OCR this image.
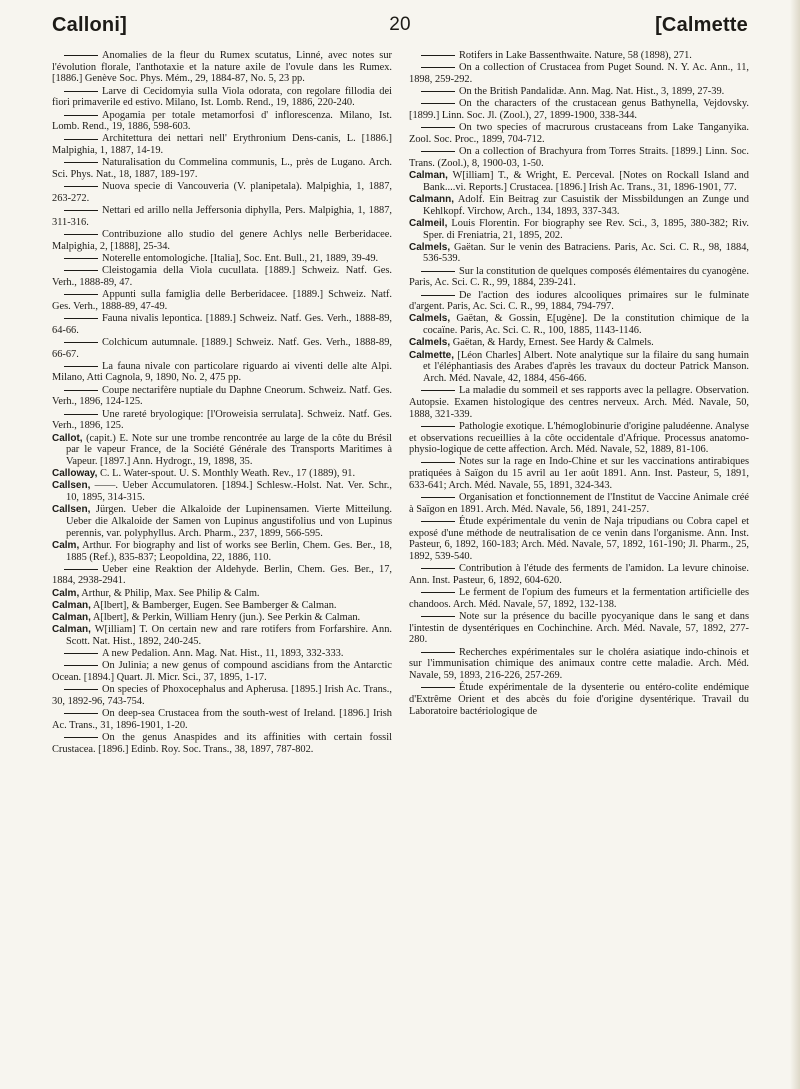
Calloni]	20	[Calmette

Anomalies de la fleur du Rumex scutatus, Linné, avec notes sur l'évolution florale, l'anthotaxie et la nature axile de l'ovule dans les Rumex. [1886.] Genève Soc. Phys. Mém., 29, 1884-87, No. 5, 23 pp.

Larve di Cecidomyia sulla Viola odorata, con regolare fillodia dei fiori primaverile ed estivo. Milano, Ist. Lomb. Rend., 19, 1886, 220-240.

Apogamia per totale metamorfosi d' inflorescenza. Milano, Ist. Lomb. Rend., 19, 1886, 598-603.

Architettura dei nettari nell' Erythronium Dens-canis, L. [1886.] Malpighia, 1, 1887, 14-19.

Naturalisation du Commelina communis, L., près de Lugano. Arch. Sci. Phys. Nat., 18, 1887, 189-197.

Nuova specie di Vancouveria (V. planipetala). Malpighia, 1, 1887, 263-272.

Nettari ed arillo nella Jeffersonia diphylla, Pers. Malpighia, 1, 1887, 311-316.

Contribuzione allo studio del genere Achlys nelle Berberidaceе. Malpighia, 2, [1888], 25-34.

Noterelle entomologiche. [Italia], Soc. Ent. Bull., 21, 1889, 39-49.

Cleistogamia della Viola cucullata. [1889.] Schweiz. Natf. Ges. Verh., 1888-89, 47.

Appunti sulla famiglia delle Berberidacee. [1889.] Schweiz. Natf. Ges. Verh., 1888-89, 47-49.

Fauna nivalis lepontica. [1889.] Schweiz. Natf. Ges. Verh., 1888-89, 64-66.

Colchicum autumnale. [1889.] Schweiz. Natf. Ges. Verh., 1888-89, 66-67.

La fauna nivale con particolare riguardo ai viventi delle alte Alpi. Milano, Atti Cagnola, 9, 1890, No. 2, 475 pp.

Coupe nectarifère nuptiale du Daphne Cneorum. Schweiz. Natf. Ges. Verh., 1896, 124-125.

Une rareté bryologique: [l'Oroweisia serrulata]. Schweiz. Natf. Ges. Verh., 1896, 125.

Callot, (capit.) E. Note sur une trombe rencontrée au large de la côte du Brésil par le vapeur France, de la Société Générale des Transports Maritimes à Vapeur. [1897.] Ann. Hydrogr., 19, 1898, 35.

Calloway, C. L. Water-spout. U. S. Monthly Weath. Rev., 17 (1889), 91.

Callsen, ——. Ueber Accumulatoren. [1894.] Schlesw.-Holst. Nat. Ver. Schr., 10, 1895, 314-315.

Callsen, Jürgen. Ueber die Alkaloide der Lupinensamen. Vierte Mitteilung. Ueber die Alkaloide der Samen von Lupinus angustifolius und von Lupinus perennis, var. polyphyllus. Arch. Pharm., 237, 1899, 566-595.

Calm, Arthur. For biography and list of works see Berlin, Chem. Ges. Ber., 18, 1885 (Ref.), 835-837; Leopoldina, 22, 1886, 110.

Ueber eine Reaktion der Aldehyde. Berlin, Chem. Ges. Ber., 17, 1884, 2938-2941.

Calm, Arthur, & Philip, Max. See Philip & Calm.

Calman, A[lbert], & Bamberger, Eugen. See Bamberger & Calman.

Calman, A[lbert], & Perkin, William Henry (jun.). See Perkin & Calman.

Calman, W[illiam] T. On certain new and rare rotifers from Forfarshire. Ann. Scott. Nat. Hist., 1892, 240-245.

A new Pedalion. Ann. Mag. Nat. Hist., 11, 1893, 332-333.

On Julinia; a new genus of compound ascidians from the Antarctic Ocean. [1894.] Quart. Jl. Micr. Sci., 37, 1895, 1-17.

On species of Phoxocephalus and Apherusa. [1895.] Irish Ac. Trans., 30, 1892-96, 743-754.

On deep-sea Crustacea from the south-west of Ireland. [1896.] Irish Ac. Trans., 31, 1896-1901, 1-20.

On the genus Anaspides and its affinities with certain fossil Crustacea. [1896.] Edinb. Roy. Soc. Trans., 38, 1897, 787-802.

Rotifers in Lake Bassenthwaite. Nature, 58 (1898), 271.

On a collection of Crustacea from Puget Sound. N. Y. Ac. Ann., 11, 1898, 259-292.

On the British Pandalidæ. Ann. Mag. Nat. Hist., 3, 1899, 27-39.

On the characters of the crustacean genus Bathynella, Vejdovsky. [1899.] Linn. Soc. Jl. (Zool.), 27, 1899-1900, 338-344.

On two species of macrurous crustaceans from Lake Tanganyika. Zool. Soc. Proc., 1899, 704-712.

On a collection of Brachyura from Torres Straits. [1899.] Linn. Soc. Trans. (Zool.), 8, 1900-03, 1-50.

Calman, W[illiam] T., & Wright, E. Perceval. [Notes on Rockall Island and Bank....vi. Reports.] Crustacea. [1896.] Irish Ac. Trans., 31, 1896-1901, 77.

Calmann, Adolf. Ein Beitrag zur Casuistik der Missbildungen an Zunge und Kehlkopf. Virchow, Arch., 134, 1893, 337-343.

Calmeil, Louis Florentin. For biography see Rev. Sci., 3, 1895, 380-382; Riv. Sper. di Freniatria, 21, 1895, 202.

Calmels, Gaëtan. Sur le venin des Batraciens. Paris, Ac. Sci. C. R., 98, 1884, 536-539.

Sur la constitution de quelques composés élémentaires du cyanogène. Paris, Ac. Sci. C. R., 99, 1884, 239-241.

De l'action des iodures alcooliques primaires sur le fulminate d'argent. Paris, Ac. Sci. C. R., 99, 1884, 794-797.

Calmels, Gaëtan, & Gossin, E[ugène]. De la constitution chimique de la cocaïne. Paris, Ac. Sci. C. R., 100, 1885, 1143-1146.

Calmels, Gaëtan, & Hardy, Ernest. See Hardy & Calmels.

Calmette, [Léon Charles] Albert. Note analytique sur la filaire du sang humain et l'éléphantiasis des Arabes d'après les travaux du docteur Patrick Manson. Arch. Méd. Navale, 42, 1884, 456-466.

La maladie du sommeil et ses rapports avec la pellagre. Observation. Autopsie. Examen histologique des centres nerveux. Arch. Méd. Navale, 50, 1888, 321-339.

Pathologie exotique. L'hémoglobinurie d'origine paludéenne. Analyse et observations recueillies à la côte occidentale d'Afrique. Processus anatomo-physio-logique de cette affection. Arch. Méd. Navale, 52, 1889, 81-106.

Notes sur la rage en Indo-Chine et sur les vaccinations antirabiques pratiquées à Saïgon du 15 avril au 1er août 1891. Ann. Inst. Pasteur, 5, 1891, 633-641; Arch. Méd. Navale, 55, 1891, 324-343.

Organisation et fonctionnement de l'Institut de Vaccine Animale créé à Saïgon en 1891. Arch. Méd. Navale, 56, 1891, 241-257.

Étude expérimentale du venin de Naja tripudians ou Cobra capel et exposé d'une méthode de neutralisation de ce venin dans l'organisme. Ann. Inst. Pasteur, 6, 1892, 160-183; Arch. Méd. Navale, 57, 1892, 161-190; Jl. Pharm., 25, 1892, 539-540.

Contribution à l'étude des ferments de l'amidon. La levure chinoise. Ann. Inst. Pasteur, 6, 1892, 604-620.

Le ferment de l'opium des fumeurs et la fermentation artificielle des chandoos. Arch. Méd. Navale, 57, 1892, 132-138.

Note sur la présence du bacille pyocyanique dans le sang et dans l'intestin de dysentériques en Cochinchine. Arch. Méd. Navale, 57, 1892, 277-280.

Recherches expérimentales sur le choléra asiatique indo-chinois et sur l'immunisation chimique des animaux contre cette maladie. Arch. Méd. Navale, 59, 1893, 216-226, 257-269.

Étude expérimentale de la dysenterie ou entéro-colite endémique d'Extrême Orient et des abcès du foie d'origine dysentérique. Travail du Laboratoire bactériologique de
